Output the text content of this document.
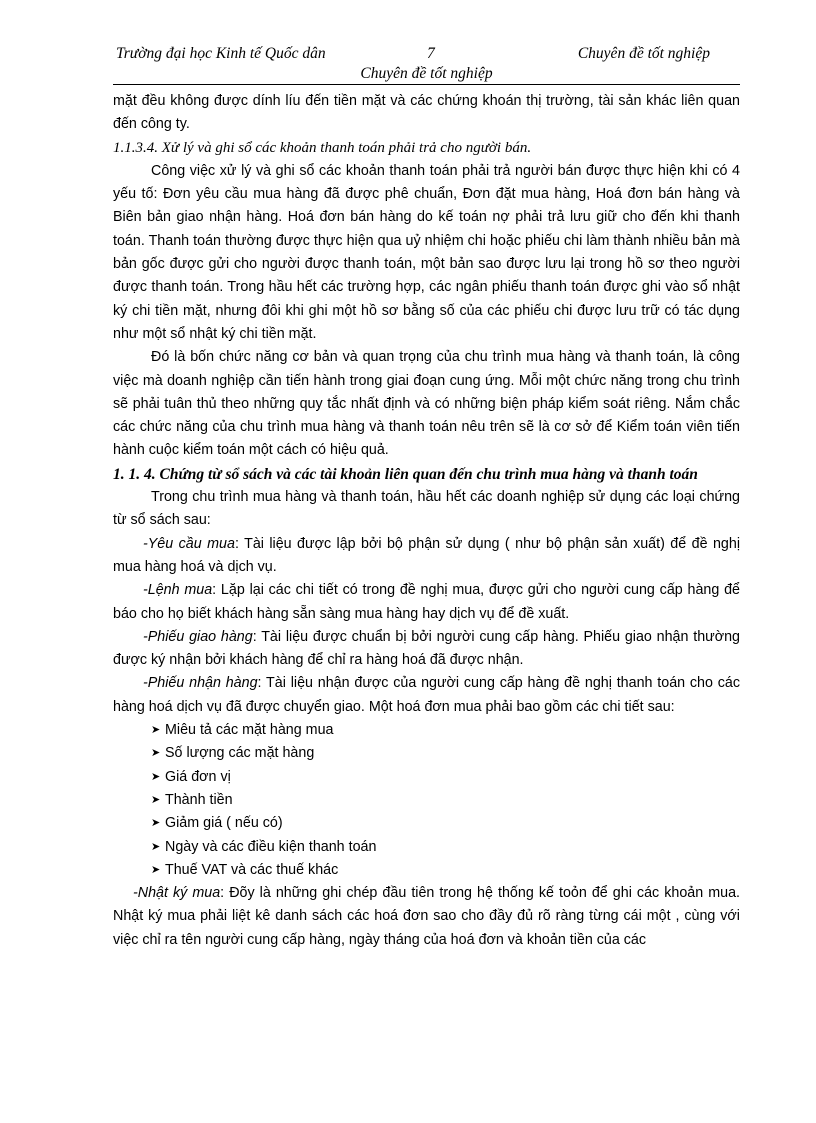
Trường đại học Kinh tế Quốc dân	7	Chuyên đề tốt nghiệp
Chuyên đề tốt nghiệp

mặt đều không được dính líu đến tiền mặt và các chứng khoán thị trường, tài sản khác liên quan đến công ty.

1.1.3.4. Xử lý và ghi sổ các khoản thanh toán phải trả cho người bán.

Công việc xử lý và ghi sổ các khoản thanh toán phải trả người bán được thực hiện khi có 4 yếu tố: Đơn yêu cầu mua hàng đã được phê chuẩn, Đơn đặt mua hàng, Hoá đơn bán hàng và Biên bản giao nhận hàng. Hoá đơn bán hàng do kế toán nợ phải trả lưu giữ cho đến khi thanh toán. Thanh toán thường được thực hiện qua uỷ nhiệm chi hoặc phiếu chi làm thành nhiều bản mà bản gốc được gửi cho người được thanh toán, một bản sao được lưu lại trong hồ sơ theo người được thanh toán. Trong hầu hết các trường hợp, các ngân phiếu thanh toán được ghi vào sổ nhật ký chi tiền mặt, nhưng đôi khi ghi một hồ sơ bằng số của các phiếu chi được lưu trữ có tác dụng như một sổ nhật ký chi tiền mặt.

Đó là bốn chức năng cơ bản và quan trọng của chu trình mua hàng và thanh toán, là công việc mà doanh nghiệp cần tiến hành trong giai đoạn cung ứng. Mỗi một chức năng trong chu trình sẽ phải tuân thủ theo những quy tắc nhất định và có những biện pháp kiểm soát riêng. Nắm chắc các chức năng của chu trình mua hàng và thanh toán nêu trên sẽ là cơ sở để Kiểm toán viên tiến hành cuộc kiểm toán một cách có hiệu quả.

1. 1. 4. Chứng từ sổ sách và các tài khoản liên quan đến chu trình mua hàng và thanh toán

Trong chu trình mua hàng và thanh toán, hầu hết các doanh nghiệp sử dụng các loại chứng từ sổ sách sau:

-Yêu cầu mua: Tài liệu được lập bởi bộ phận sử dụng ( như bộ phận sản xuất) để đề nghị mua hàng hoá và dịch vụ.

-Lệnh mua: Lặp lại các chi tiết có trong đề nghị mua, được gửi cho người cung cấp hàng để báo cho họ biết khách hàng sẵn sàng mua hàng hay dịch vụ để đề xuất.

-Phiếu giao hàng: Tài liệu được chuẩn bị bởi người cung cấp hàng. Phiếu giao nhận thường được ký nhận bởi khách hàng để chỉ ra hàng hoá đã được nhận.

-Phiếu nhận hàng: Tài liệu nhận được của người cung cấp hàng đề nghị thanh toán cho các hàng hoá dịch vụ đã được chuyển giao. Một hoá đơn mua phải bao gồm các chi tiết sau:

➤ Miêu tả các mặt hàng mua
➤ Số lượng các mặt hàng
➤ Giá đơn vị
➤ Thành tiền
➤ Giảm giá ( nếu có)
➤ Ngày và các điều kiện thanh toán
➤ Thuế VAT và các thuế khác

-Nhật ký mua: Đõy là những ghi chép đầu tiên trong hệ thống kế toỏn để ghi các khoản mua. Nhật ký mua phải liệt kê danh sách các hoá đơn sao cho đầy đủ rõ ràng từng cái một , cùng với việc chỉ ra tên người cung cấp hàng, ngày tháng của hoá đơn và khoản tiền của các
